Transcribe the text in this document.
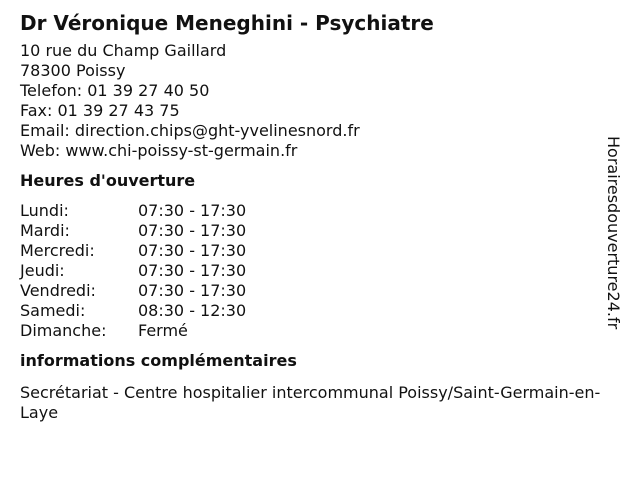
Dr Véronique Meneghini - Psychiatre
10 rue du Champ Gaillard
78300 Poissy
Telefon: 01 39 27 40 50
Fax: 01 39 27 43 75
Email: direction.chips@ght-yvelinesnord.fr
Web: www.chi-poissy-st-germain.fr
Heures d'ouverture
Lundi:	07:30 - 17:30
Mardi:	07:30 - 17:30
Mercredi:	07:30 - 17:30
Jeudi:	07:30 - 17:30
Vendredi:	07:30 - 17:30
Samedi:	08:30 - 12:30
Dimanche:	Fermé
informations complémentaires
Secrétariat - Centre hospitalier intercommunal Poissy/Saint-Germain-en-Laye
Horairesdouverture24.fr
